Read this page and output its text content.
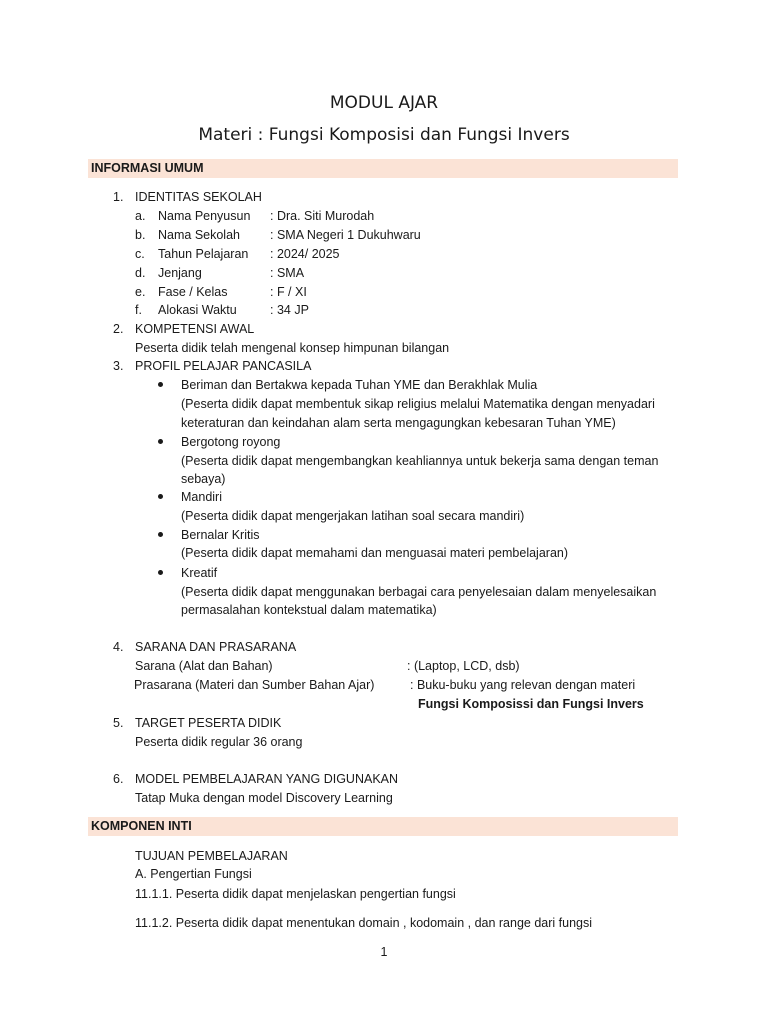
MODUL AJAR
Materi : Fungsi Komposisi dan Fungsi Invers
INFORMASI UMUM
1. IDENTITAS SEKOLAH
a. Nama Penyusun : Dra. Siti Murodah
b. Nama Sekolah : SMA Negeri 1 Dukuhwaru
c. Tahun Pelajaran : 2024/ 2025
d. Jenjang	: SMA
e. Fase / Kelas	: F / XI
f. Alokasi Waktu	: 34 JP
2. KOMPETENSI AWAL
Peserta didik telah mengenal konsep himpunan bilangan
3. PROFIL PELAJAR PANCASILA
Beriman dan Bertakwa kepada Tuhan YME dan Berakhlak Mulia
(Peserta didik dapat membentuk sikap religius melalui Matematika dengan menyadari
keteraturan dan keindahan alam serta mengagungkan kebesaran Tuhan YME)
Bergotong royong
(Peserta didik dapat mengembangkan keahliannya untuk bekerja sama dengan teman
sebaya)
Mandiri
(Peserta didik dapat mengerjakan latihan soal secara mandiri)
Bernalar Kritis
(Peserta didik dapat memahami dan menguasai materi pembelajaran)
Kreatif
(Peserta didik dapat menggunakan berbagai cara penyelesaian dalam menyelesaikan
permasalahan kontekstual dalam matematika)
4. SARANA DAN PRASARANA
Sarana (Alat dan Bahan)	: (Laptop, LCD, dsb)
Prasarana (Materi dan Sumber Bahan Ajar)	: Buku-buku yang relevan dengan materi
Fungsi Komposissi dan Fungsi Invers
5. TARGET PESERTA DIDIK
Peserta didik regular 36 orang
6. MODEL PEMBELAJARAN YANG DIGUNAKAN
Tatap Muka dengan model Discovery Learning
KOMPONEN INTI
TUJUAN PEMBELAJARAN
A. Pengertian Fungsi
11.1.1. Peserta didik dapat menjelaskan pengertian fungsi
11.1.2. Peserta didik dapat menentukan domain , kodomain , dan range dari fungsi
1
